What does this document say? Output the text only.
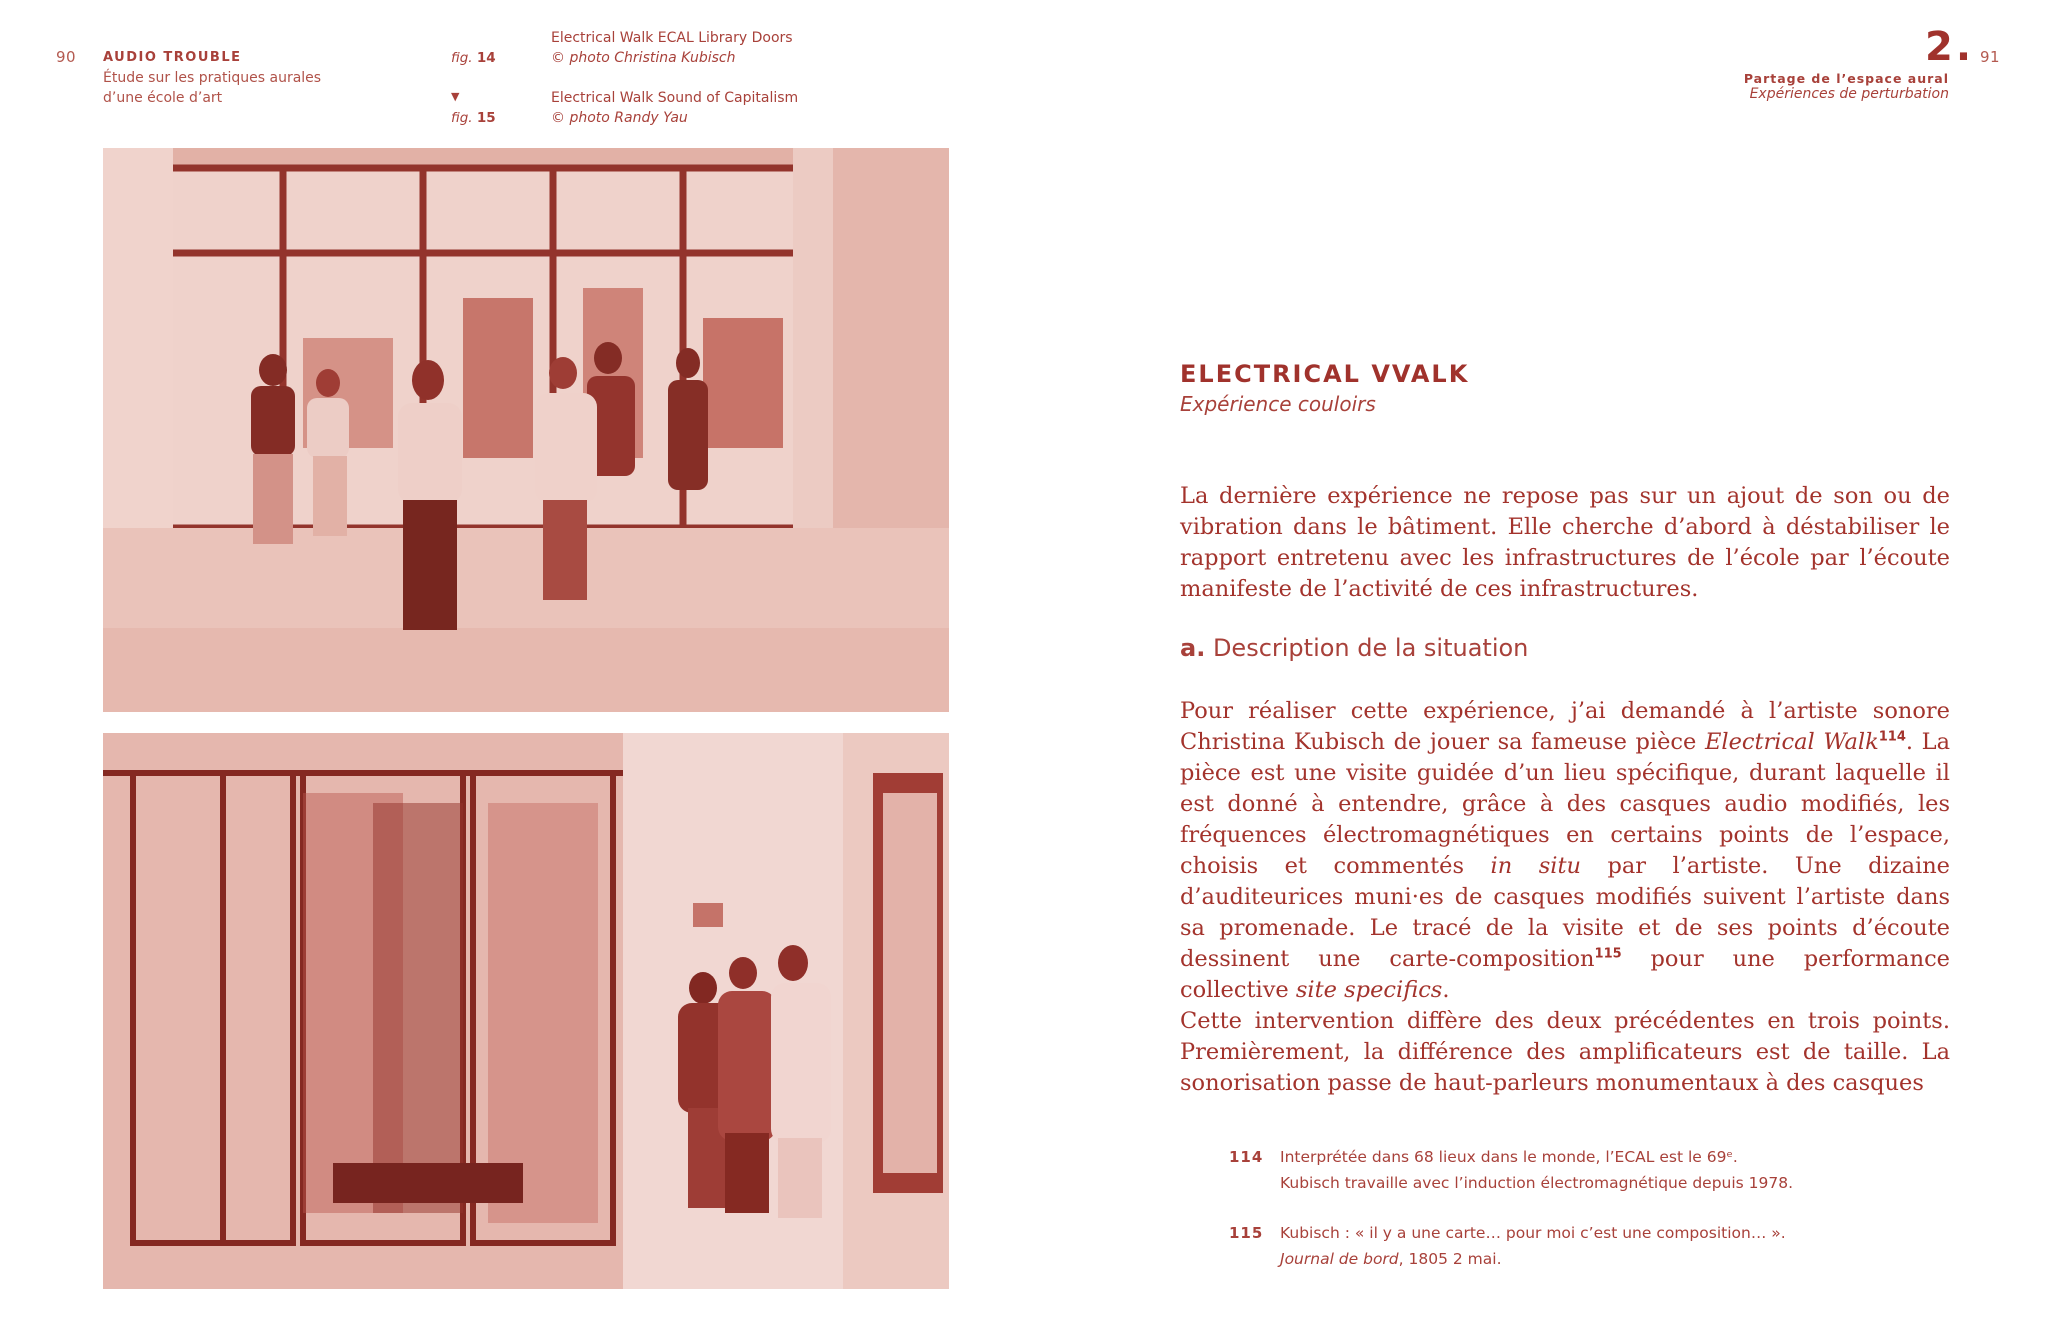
90 AUDIO TROUBLE
Étude sur les pratiques aurales
d’une école d’art
fig. 14
▼
fig. 15
Electrical Walk ECAL Library Doors
© photo Christina Kubisch
Electrical Walk Sound of Capitalism
© photo Randy Yau
2. 91
Partage de l’espace aural
Expériences de perturbation
ELECTRICAL VVALK
Expérience couloirs

La dernière expérience ne repose pas sur un ajout de son ou de vibration dans le bâtiment. Elle cherche d’abord à déstabiliser le rapport entretenu avec les infrastructures de l’école par l’écoute manifeste de l’activité de ces infrastructures.

a. Description de la situation

Pour réaliser cette expérience, j’ai demandé à l’artiste sonore Christina Kubisch de jouer sa fameuse pièce Electrical Walk$^{114}$. La pièce est une visite guidée d’un lieu spécifique, durant laquelle il est donné à entendre, grâce à des casques audio modifiés, les fréquences électromagnétiques en certains points de l’espace, choisis et commentés in situ par l’artiste. Une dizaine d’auditeurices muni·es de casques modifiés suivent l’artiste dans sa promenade. Le tracé de la visite et de ses points d’écoute dessinent une carte-composition$^{115}$ pour une performance collective site specifics.

Cette intervention diffère des deux précédentes en trois points. Premièrement, la différence des amplificateurs est de taille. La sonorisation passe de haut-parleurs monumentaux à des casques

114 Interprétée dans 68 lieux dans le monde, l’ECAL est le 69ᵉ.
Kubisch travaille avec l’induction électromagnétique depuis 1978.
115 Kubisch : « il y a une carte… pour moi c’est une composition… ».
Journal de bord, 1805 2 mai.
